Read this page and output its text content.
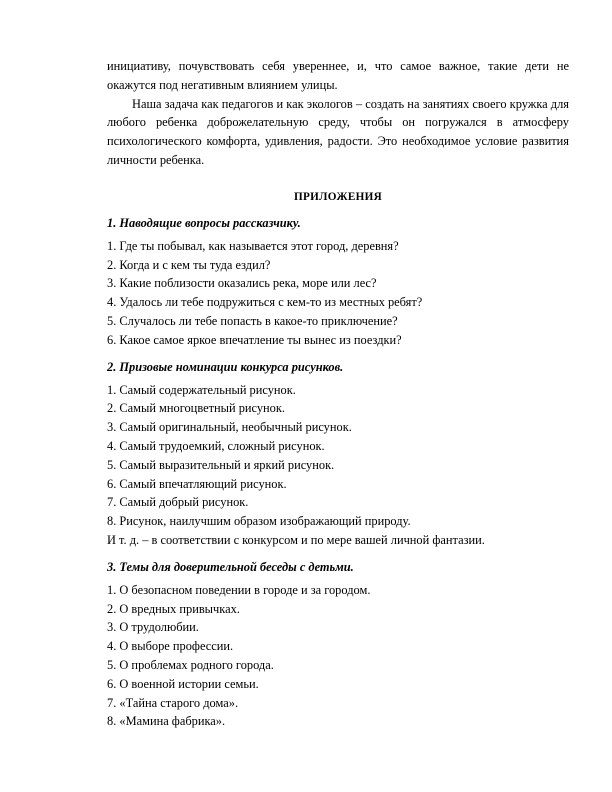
инициативу, почувствовать себя увереннее, и, что самое важное, такие дети не окажутся под негативным влиянием улицы.

Наша задача как педагогов и как экологов – создать на занятиях своего кружка для любого ребенка доброжелательную среду, чтобы он погружался в атмосферу психологического комфорта, удивления, радости. Это необходимое условие развития личности ребенка.

ПРИЛОЖЕНИЯ
1. Наводящие вопросы рассказчику.
1. Где ты побывал, как называется этот город, деревня?
2. Когда и с кем ты туда ездил?
3. Какие поблизости оказались река, море или лес?
4. Удалось ли тебе подружиться с кем-то из местных ребят?
5. Случалось ли тебе попасть в какое-то приключение?
6. Какое самое яркое впечатление ты вынес из поездки?
2. Призовые номинации конкурса рисунков.
1. Самый содержательный рисунок.
2. Самый многоцветный рисунок.
3. Самый оригинальный, необычный рисунок.
4. Самый трудоемкий, сложный рисунок.
5. Самый выразительный и яркий рисунок.
6. Самый впечатляющий рисунок.
7. Самый добрый рисунок.
8. Рисунок, наилучшим образом изображающий природу.
И т. д. – в соответствии с конкурсом и по мере вашей личной фантазии.
3. Темы для доверительной беседы с детьми.
1. О безопасном поведении в городе и за городом.
2. О вредных привычках.
3. О трудолюбии.
4. О выборе профессии.
5. О проблемах родного города.
6. О военной истории семьи.
7. «Тайна старого дома».
8. «Мамина фабрика».
